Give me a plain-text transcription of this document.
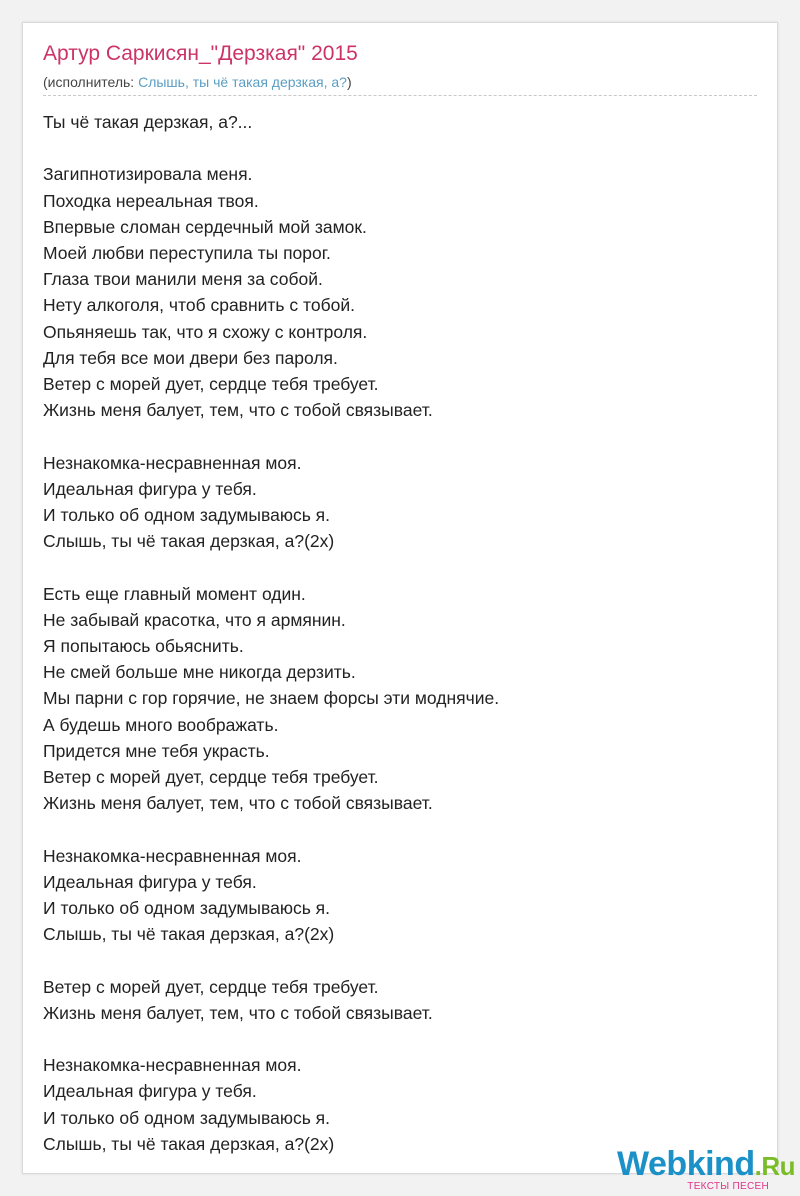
Артур Саркисян_"Дерзкая" 2015
(исполнитель: Слышь, ты чё такая дерзкая, а?)
Ты чё такая дерзкая, а?...
Загипнотизировала меня.
Походка нереальная твоя.
Впервые сломан сердечный мой замок.
Моей любви переступила ты порог.
Глаза твои манили меня за собой.
Нету алкоголя, чтоб сравнить с тобой.
Опьяняешь так, что я схожу с контроля.
Для тебя все мои двери без пароля.
Ветер с морей дует, сердце тебя требует.
Жизнь меня балует, тем, что с тобой связывает.
Незнакомка-несравненная моя.
Идеальная фигура у тебя.
И только об одном задумываюсь я.
Слышь, ты чё такая дерзкая, а?(2х)
Есть еще главный момент один.
Не забывай красотка, что я армянин.
Я попытаюсь обьяснить.
Не смей больше мне никогда дерзить.
Мы парни с гор горячие, не знаем форсы эти моднячие.
А будешь много воображать.
Придется мне тебя украсть.
Ветер с морей дует, сердце тебя требует.
Жизнь меня балует, тем, что с тобой связывает.
Незнакомка-несравненная моя.
Идеальная фигура у тебя.
И только об одном задумываюсь я.
Слышь, ты чё такая дерзкая, а?(2х)
Ветер с морей дует, сердце тебя требует.
Жизнь меня балует, тем, что с тобой связывает.
Незнакомка-несравненная моя.
Идеальная фигура у тебя.
И только об одном задумываюсь я.
Слышь, ты чё такая дерзкая, а?(2х)
Webkind.Ru
ТЕКСТЫ ПЕСЕН
